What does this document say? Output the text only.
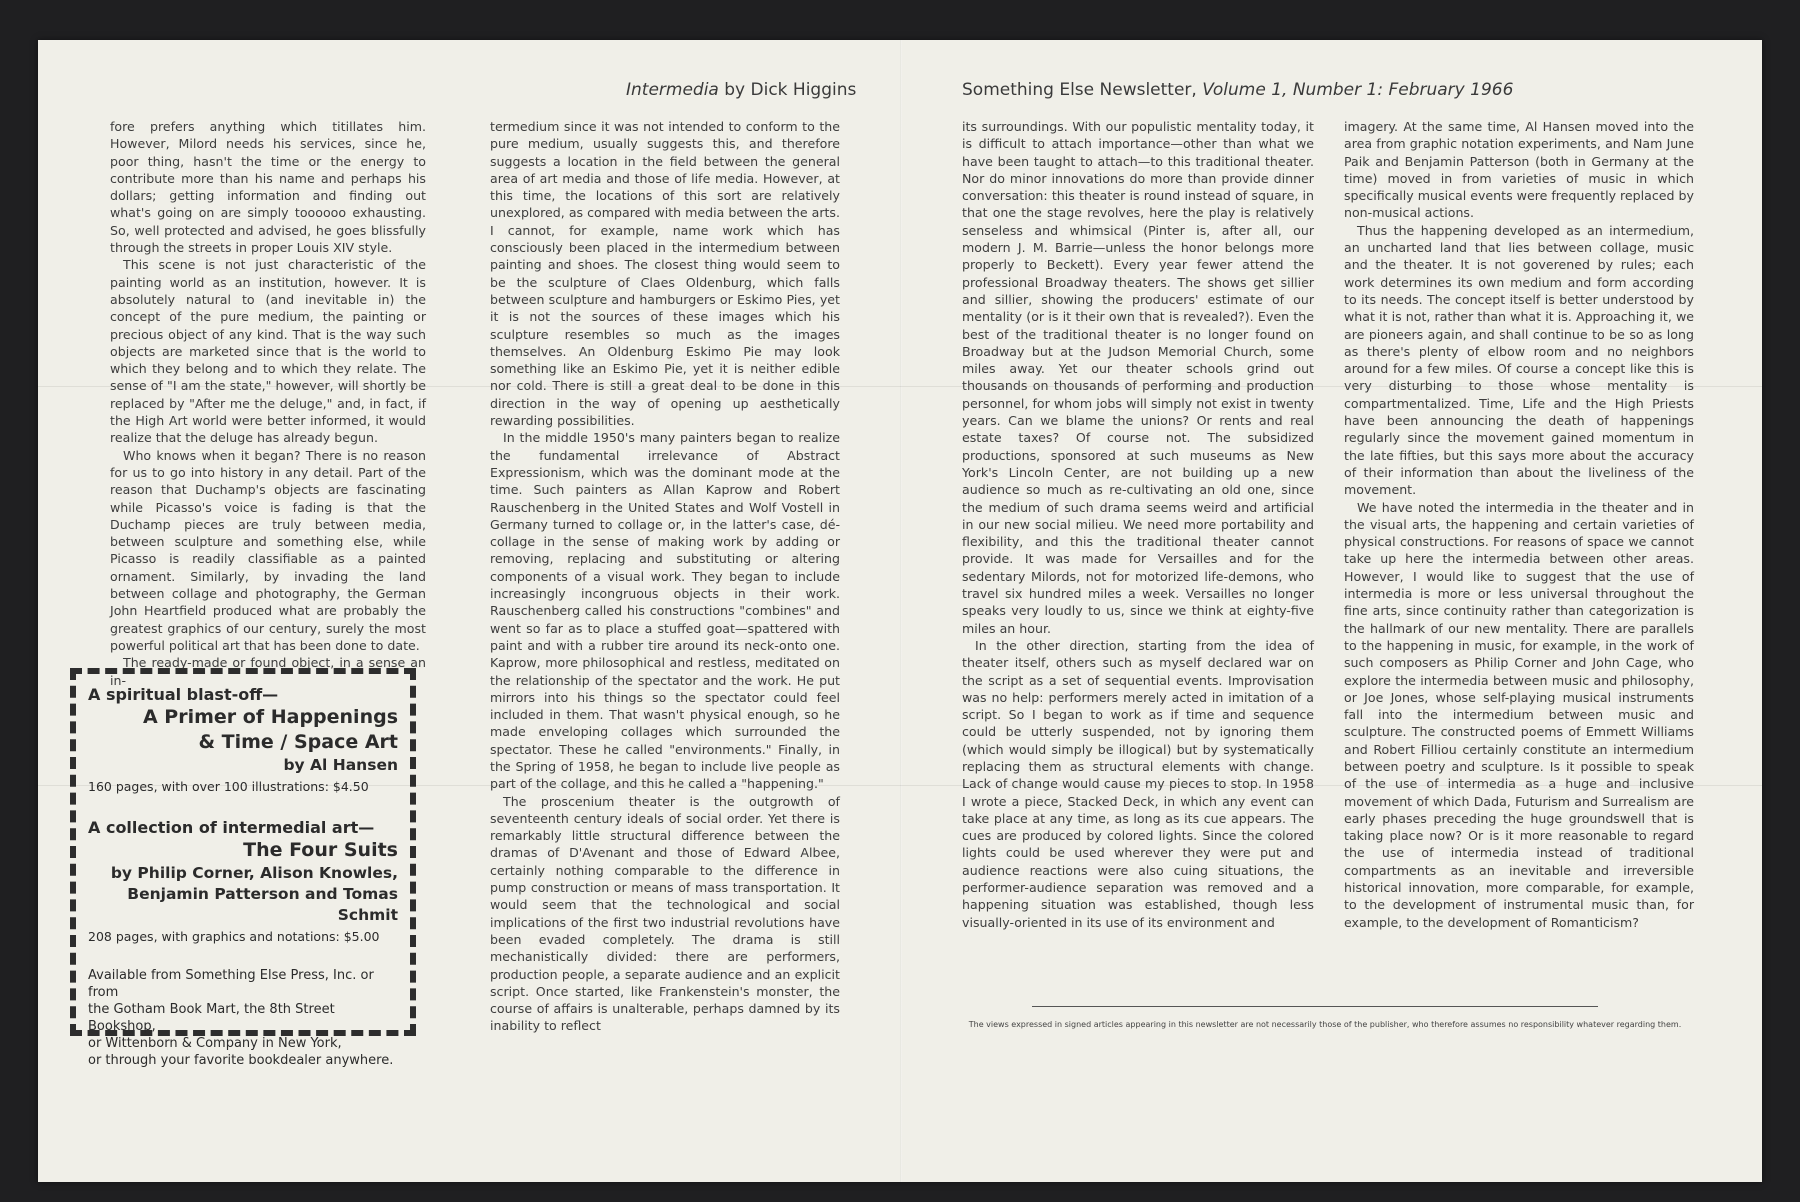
Intermedia by Dick Higgins	Something Else Newsletter, Volume 1, Number 1: February 1966

fore prefers anything which titillates him. However, Milord needs his services, since he, poor thing, hasn't the time or the energy to contribute more than his name and perhaps his dollars; getting information and finding out what's going on are simply toooooo exhausting. So, well protected and advised, he goes blissfully through the streets in proper Louis XIV style.

This scene is not just characteristic of the painting world as an institution, however. It is absolutely natural to (and inevitable in) the concept of the pure medium, the painting or precious object of any kind. That is the way such objects are marketed since that is the world to which they belong and to which they relate. The sense of "I am the state," however, will shortly be replaced by "After me the deluge," and, in fact, if the High Art world were better informed, it would realize that the deluge has already begun.

Who knows when it began? There is no reason for us to go into history in any detail. Part of the reason that Duchamp's objects are fascinating while Picasso's voice is fading is that the Duchamp pieces are truly between media, between sculpture and something else, while Picasso is readily classifiable as a painted ornament. Similarly, by invading the land between collage and photography, the German John Heartfield produced what are probably the greatest graphics of our century, surely the most powerful political art that has been done to date.

The ready-made or found object, in a sense an in-

A spiritual blast-off—

A Primer of Happenings

& Time / Space Art

by Al Hansen

160 pages, with over 100 illustrations: $4.50

A collection of intermedial art—

The Four Suits

by Philip Corner, Alison Knowles,

Benjamin Patterson and Tomas Schmit

208 pages, with graphics and notations: $5.00

Available from Something Else Press, Inc. or from

the Gotham Book Mart, the 8th Street Bookshop,

or Wittenborn & Company in New York,

or through your favorite bookdealer anywhere.

termedium since it was not intended to conform to the pure medium, usually suggests this, and therefore suggests a location in the field between the general area of art media and those of life media. However, at this time, the locations of this sort are relatively unexplored, as compared with media between the arts. I cannot, for example, name work which has consciously been placed in the intermedium between painting and shoes. The closest thing would seem to be the sculpture of Claes Oldenburg, which falls between sculpture and hamburgers or Eskimo Pies, yet it is not the sources of these images which his sculpture resembles so much as the images themselves. An Oldenburg Eskimo Pie may look something like an Eskimo Pie, yet it is neither edible nor cold. There is still a great deal to be done in this direction in the way of opening up aesthetically rewarding possibilities.

In the middle 1950's many painters began to realize the fundamental irrelevance of Abstract Expressionism, which was the dominant mode at the time. Such painters as Allan Kaprow and Robert Rauschenberg in the United States and Wolf Vostell in Germany turned to collage or, in the latter's case, dé-collage in the sense of making work by adding or removing, replacing and substituting or altering components of a visual work. They began to include increasingly incongruous objects in their work. Rauschenberg called his constructions "combines" and went so far as to place a stuffed goat—spattered with paint and with a rubber tire around its neck-onto one. Kaprow, more philosophical and restless, meditated on the relationship of the spectator and the work. He put mirrors into his things so the spectator could feel included in them. That wasn't physical enough, so he made enveloping collages which surrounded the spectator. These he called "environments." Finally, in the Spring of 1958, he began to include live people as part of the collage, and this he called a "happening."

The proscenium theater is the outgrowth of seventeenth century ideals of social order. Yet there is remarkably little structural difference between the dramas of D'Avenant and those of Edward Albee, certainly nothing comparable to the difference in pump construction or means of mass transportation. It would seem that the technological and social implications of the first two industrial revolutions have been evaded completely. The drama is still mechanistically divided: there are performers, production people, a separate audience and an explicit script. Once started, like Frankenstein's monster, the course of affairs is unalterable, perhaps damned by its inability to reflect

its surroundings. With our populistic mentality today, it is difficult to attach importance—other than what we have been taught to attach—to this traditional theater. Nor do minor innovations do more than provide dinner conversation: this theater is round instead of square, in that one the stage revolves, here the play is relatively senseless and whimsical (Pinter is, after all, our modern J. M. Barrie—unless the honor belongs more properly to Beckett). Every year fewer attend the professional Broadway theaters. The shows get sillier and sillier, showing the producers' estimate of our mentality (or is it their own that is revealed?). Even the best of the traditional theater is no longer found on Broadway but at the Judson Memorial Church, some miles away. Yet our theater schools grind out thousands on thousands of performing and production personnel, for whom jobs will simply not exist in twenty years. Can we blame the unions? Or rents and real estate taxes? Of course not. The subsidized productions, sponsored at such museums as New York's Lincoln Center, are not building up a new audience so much as re-cultivating an old one, since the medium of such drama seems weird and artificial in our new social milieu. We need more portability and flexibility, and this the traditional theater cannot provide. It was made for Versailles and for the sedentary Milords, not for motorized life-demons, who travel six hundred miles a week. Versailles no longer speaks very loudly to us, since we think at eighty-five miles an hour.

In the other direction, starting from the idea of theater itself, others such as myself declared war on the script as a set of sequential events. Improvisation was no help: performers merely acted in imitation of a script. So I began to work as if time and sequence could be utterly suspended, not by ignoring them (which would simply be illogical) but by systematically replacing them as structural elements with change. Lack of change would cause my pieces to stop. In 1958 I wrote a piece, Stacked Deck, in which any event can take place at any time, as long as its cue appears. The cues are produced by colored lights. Since the colored lights could be used wherever they were put and audience reactions were also cuing situations, the performer-audience separation was removed and a happening situation was established, though less visually-oriented in its use of its environment and

imagery. At the same time, Al Hansen moved into the area from graphic notation experiments, and Nam June Paik and Benjamin Patterson (both in Germany at the time) moved in from varieties of music in which specifically musical events were frequently replaced by non-musical actions.

Thus the happening developed as an intermedium, an uncharted land that lies between collage, music and the theater. It is not goverened by rules; each work determines its own medium and form according to its needs. The concept itself is better understood by what it is not, rather than what it is. Approaching it, we are pioneers again, and shall continue to be so as long as there's plenty of elbow room and no neighbors around for a few miles. Of course a concept like this is very disturbing to those whose mentality is compartmentalized. Time, Life and the High Priests have been announcing the death of happenings regularly since the movement gained momentum in the late fifties, but this says more about the accuracy of their information than about the liveliness of the movement.

We have noted the intermedia in the theater and in the visual arts, the happening and certain varieties of physical constructions. For reasons of space we cannot take up here the intermedia between other areas. However, I would like to suggest that the use of intermedia is more or less universal throughout the fine arts, since continuity rather than categorization is the hallmark of our new mentality. There are parallels to the happening in music, for example, in the work of such composers as Philip Corner and John Cage, who explore the intermedia between music and philosophy, or Joe Jones, whose self-playing musical instruments fall into the intermedium between music and sculpture. The constructed poems of Emmett Williams and Robert Filliou certainly constitute an intermedium between poetry and sculpture. Is it possible to speak of the use of intermedia as a huge and inclusive movement of which Dada, Futurism and Surrealism are early phases preceding the huge groundswell that is taking place now? Or is it more reasonable to regard the use of intermedia instead of traditional compartments as an inevitable and irreversible historical innovation, more comparable, for example, to the development of instrumental music than, for example, to the development of Romanticism?

The views expressed in signed articles appearing in this newsletter are not necessarily those of the publisher, who therefore assumes no responsibility whatever regarding them.
